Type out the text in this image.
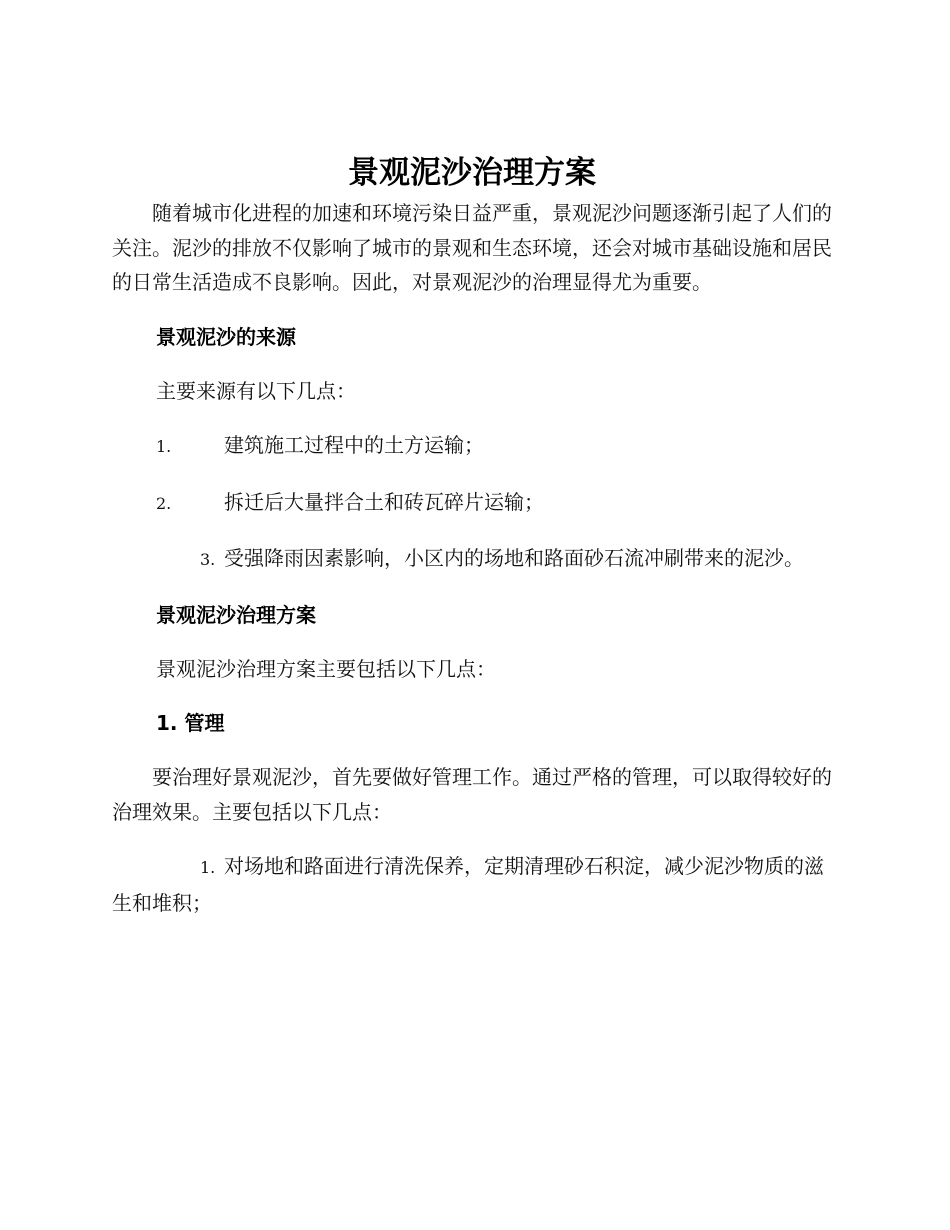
景观泥沙治理方案

随着城市化进程的加速和环境污染日益严重，景观泥沙问题逐渐引起了人们的关注。泥沙的排放不仅影响了城市的景观和生态环境，还会对城市基础设施和居民的日常生活造成不良影响。因此，对景观泥沙的治理显得尤为重要。

景观泥沙的来源

主要来源有以下几点：

1.	建筑施工过程中的土方运输；

2.	拆迁后大量拌合土和砖瓦碎片运输；

3. 受强降雨因素影响，小区内的场地和路面砂石流冲刷带来的泥沙。

景观泥沙治理方案

景观泥沙治理方案主要包括以下几点：

1. 管理

要治理好景观泥沙，首先要做好管理工作。通过严格的管理，可以取得较好的治理效果。主要包括以下几点：

1. 对场地和路面进行清洗保养，定期清理砂石积淀，减少泥沙物质的滋生和堆积；
